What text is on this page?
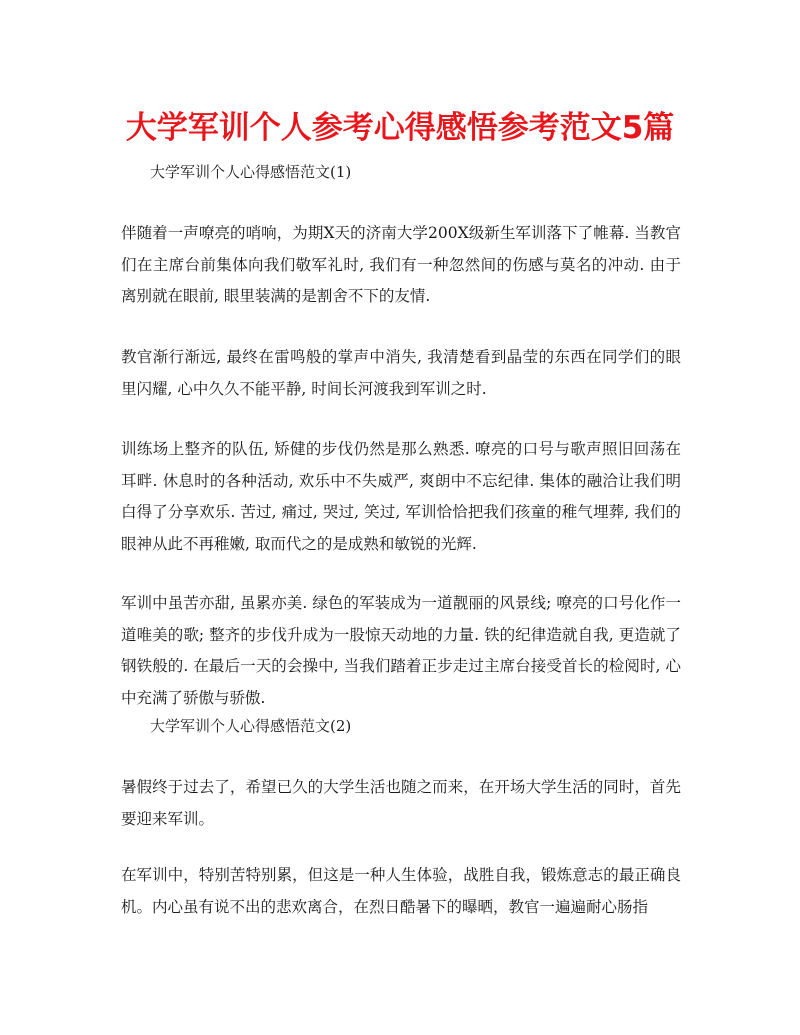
大学军训个人参考心得感悟参考范文5篇
大学军训个人心得感悟范文(1)
伴随着一声嘹亮的哨响，为期X天的济南大学200X级新生军训落下了帷幕. 当教官们在主席台前集体向我们敬军礼时, 我们有一种忽然间的伤感与莫名的冲动. 由于离别就在眼前, 眼里装满的是割舍不下的友情.
教官渐行渐远, 最终在雷鸣般的掌声中消失, 我清楚看到晶莹的东西在同学们的眼里闪耀, 心中久久不能平静, 时间长河渡我到军训之时.
训练场上整齐的队伍, 矫健的步伐仍然是那么熟悉. 嘹亮的口号与歌声照旧回荡在耳畔. 休息时的各种活动, 欢乐中不失威严, 爽朗中不忘纪律. 集体的融洽让我们明白得了分享欢乐. 苦过, 痛过, 哭过, 笑过, 军训恰恰把我们孩童的稚气埋葬, 我们的眼神从此不再稚嫩, 取而代之的是成熟和敏锐的光辉.
军训中虽苦亦甜, 虽累亦美. 绿色的军装成为一道靓丽的风景线; 嘹亮的口号化作一道唯美的歌; 整齐的步伐升成为一股惊天动地的力量. 铁的纪律造就自我, 更造就了钢铁般的. 在最后一天的会操中, 当我们踏着正步走过主席台接受首长的检阅时, 心中充满了骄傲与骄傲.
大学军训个人心得感悟范文(2)
暑假终于过去了，希望已久的大学生活也随之而来，在开场大学生活的同时，首先要迎来军训。
在军训中，特别苦特别累，但这是一种人生体验，战胜自我，锻炼意志的最正确良机。内心虽有说不出的悲欢离合，在烈日酷暑下的曝晒，教官一遍遍耐心肠指
